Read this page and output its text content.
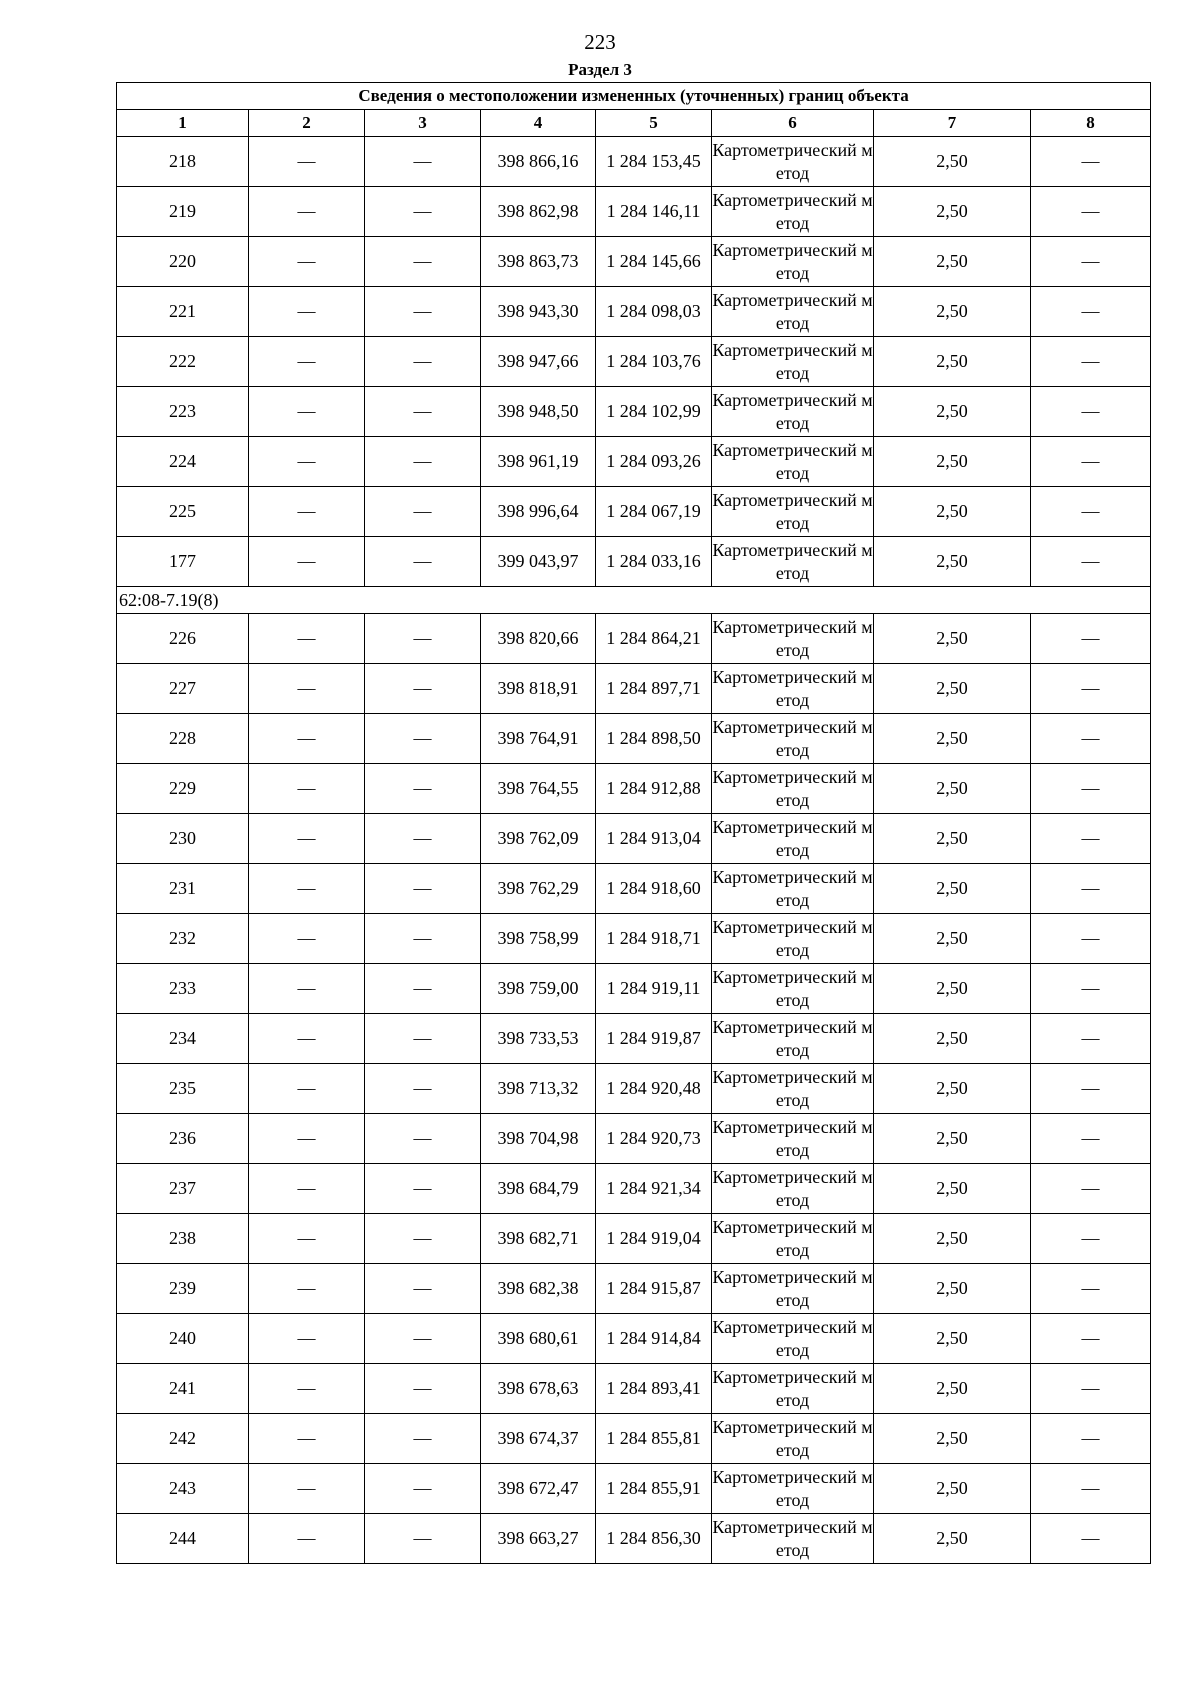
223
Раздел 3
Сведения о местоположении измененных (уточненных) границ объекта							
1	2	3	4	5	6	7	8
218	—	—	398 866,16	1 284 153,45	Картометрический метод	2,50	—
219	—	—	398 862,98	1 284 146,11	Картометрический метод	2,50	—
220	—	—	398 863,73	1 284 145,66	Картометрический метод	2,50	—
221	—	—	398 943,30	1 284 098,03	Картометрический метод	2,50	—
222	—	—	398 947,66	1 284 103,76	Картометрический метод	2,50	—
223	—	—	398 948,50	1 284 102,99	Картометрический метод	2,50	—
224	—	—	398 961,19	1 284 093,26	Картометрический метод	2,50	—
225	—	—	398 996,64	1 284 067,19	Картометрический метод	2,50	—
177	—	—	399 043,97	1 284 033,16	Картометрический метод	2,50	—
62:08-7.19(8)							
226	—	—	398 820,66	1 284 864,21	Картометрический метод	2,50	—
227	—	—	398 818,91	1 284 897,71	Картометрический метод	2,50	—
228	—	—	398 764,91	1 284 898,50	Картометрический метод	2,50	—
229	—	—	398 764,55	1 284 912,88	Картометрический метод	2,50	—
230	—	—	398 762,09	1 284 913,04	Картометрический метод	2,50	—
231	—	—	398 762,29	1 284 918,60	Картометрический метод	2,50	—
232	—	—	398 758,99	1 284 918,71	Картометрический метод	2,50	—
233	—	—	398 759,00	1 284 919,11	Картометрический метод	2,50	—
234	—	—	398 733,53	1 284 919,87	Картометрический метод	2,50	—
235	—	—	398 713,32	1 284 920,48	Картометрический метод	2,50	—
236	—	—	398 704,98	1 284 920,73	Картометрический метод	2,50	—
237	—	—	398 684,79	1 284 921,34	Картометрический метод	2,50	—
238	—	—	398 682,71	1 284 919,04	Картометрический метод	2,50	—
239	—	—	398 682,38	1 284 915,87	Картометрический метод	2,50	—
240	—	—	398 680,61	1 284 914,84	Картометрический метод	2,50	—
241	—	—	398 678,63	1 284 893,41	Картометрический метод	2,50	—
242	—	—	398 674,37	1 284 855,81	Картометрический метод	2,50	—
243	—	—	398 672,47	1 284 855,91	Картометрический метод	2,50	—
244	—	—	398 663,27	1 284 856,30	Картометрический метод	2,50	—
